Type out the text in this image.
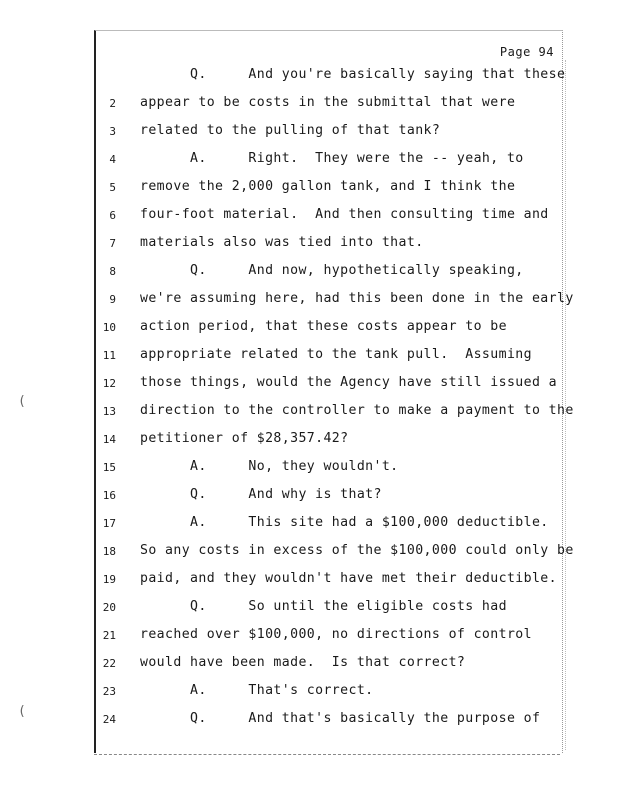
Page 94
Q.     And you're basically saying that these
2 appear to be costs in the submittal that were
3 related to the pulling of that tank?
4 A.     Right.  They were the -- yeah, to
5 remove the 2,000 gallon tank, and I think the
6 four-foot material.  And then consulting time and
7 materials also was tied into that.
8 Q.     And now, hypothetically speaking,
9 we're assuming here, had this been done in the early
10 action period, that these costs appear to be
11 appropriate related to the tank pull.  Assuming
12 those things, would the Agency have still issued a
13 direction to the controller to make a payment to the
14 petitioner of $28,357.42?
15 A.     No, they wouldn't.
16 Q.     And why is that?
17 A.     This site had a $100,000 deductible.
18 So any costs in excess of the $100,000 could only be
19 paid, and they wouldn't have met their deductible.
20 Q.     So until the eligible costs had
21 reached over $100,000, no directions of control
22 would have been made.  Is that correct?
23 A.     That's correct.
24 Q.     And that's basically the purpose of
(
(
